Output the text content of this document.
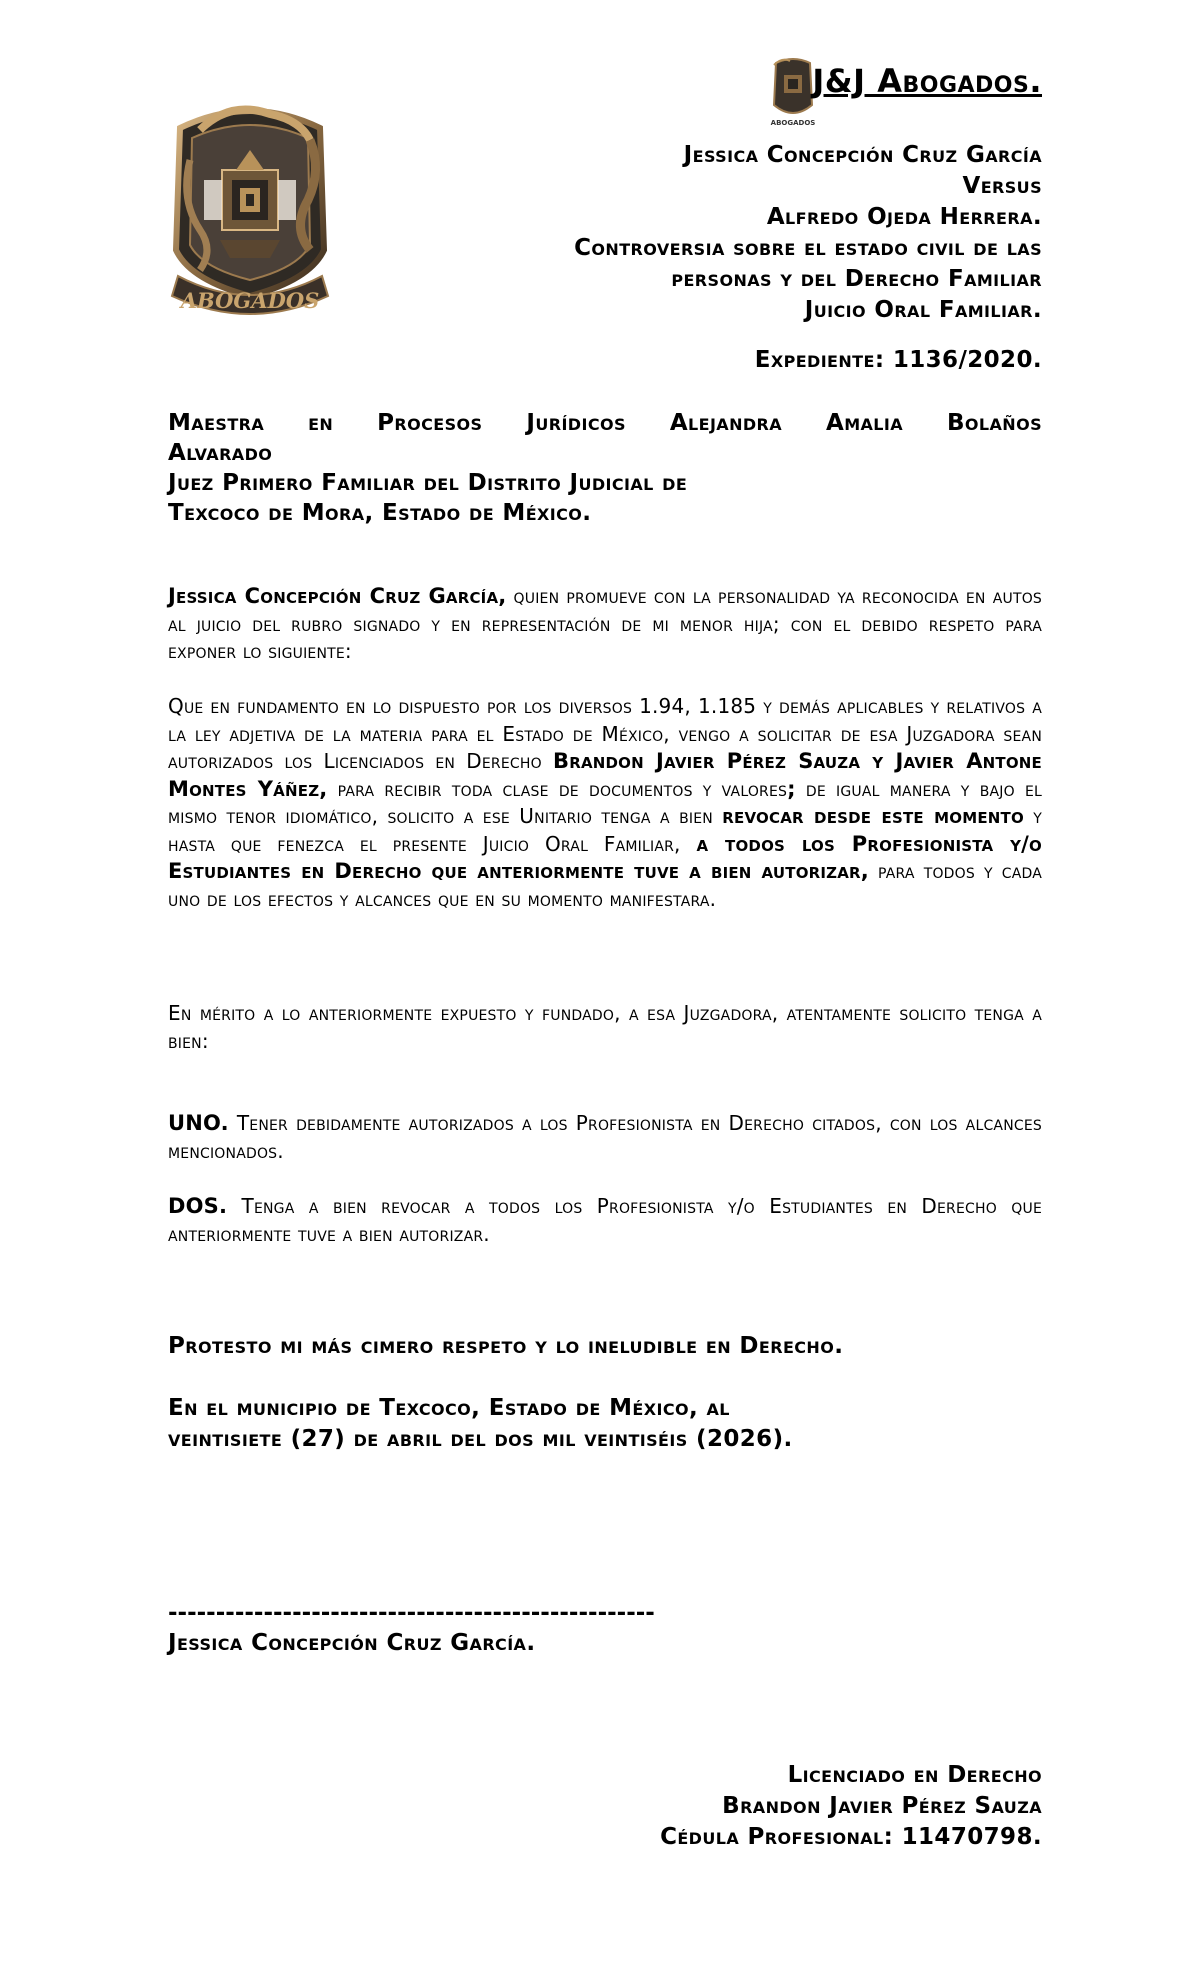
ABOGADOS
J&J Abogados.
ABOGADOS
Jessica Concepción Cruz García
Versus
Alfredo Ojeda Herrera.
Controversia sobre el estado civil de las
personas y del Derecho Familiar
Juicio Oral Familiar.
Expediente: 1136/2020.
Maestra en Procesos Jurídicos Alejandra Amalia Bolaños
Alvarado
Juez Primero Familiar del Distrito Judicial de
Texcoco de Mora, Estado de México.
Jessica Concepción Cruz García, quien promueve con la personalidad ya reconocida en autos al juicio del rubro signado y en representación de mi menor hija; con el debido respeto para exponer lo siguiente:
Que en fundamento en lo dispuesto por los diversos 1.94, 1.185 y demás aplicables y relativos a la ley adjetiva de la materia para el Estado de México, vengo a solicitar de esa Juzgadora sean autorizados los Licenciados en Derecho Brandon Javier Pérez Sauza y Javier Antone Montes Yáñez, para recibir toda clase de documentos y valores; de igual manera y bajo el mismo tenor idiomático, solicito a ese Unitario tenga a bien revocar desde este momento y hasta que fenezca el presente Juicio Oral Familiar, a todos los Profesionista y/o Estudiantes en Derecho que anteriormente tuve a bien autorizar, para todos y cada uno de los efectos y alcances que en su momento manifestara.
En mérito a lo anteriormente expuesto y fundado, a esa Juzgadora, atentamente solicito tenga a bien:
UNO. Tener debidamente autorizados a los Profesionista en Derecho citados, con los alcances mencionados.
DOS. Tenga a bien revocar a todos los Profesionista y/o Estudiantes en Derecho que anteriormente tuve a bien autorizar.
Protesto mi más cimero respeto y lo ineludible en Derecho.
En el municipio de Texcoco, Estado de México, al
veintisiete (27) de abril del dos mil veintiséis (2026).
---------------------------------------------------
Jessica Concepción Cruz García.
Licenciado en Derecho
Brandon Javier Pérez Sauza
Cédula Profesional: 11470798.
